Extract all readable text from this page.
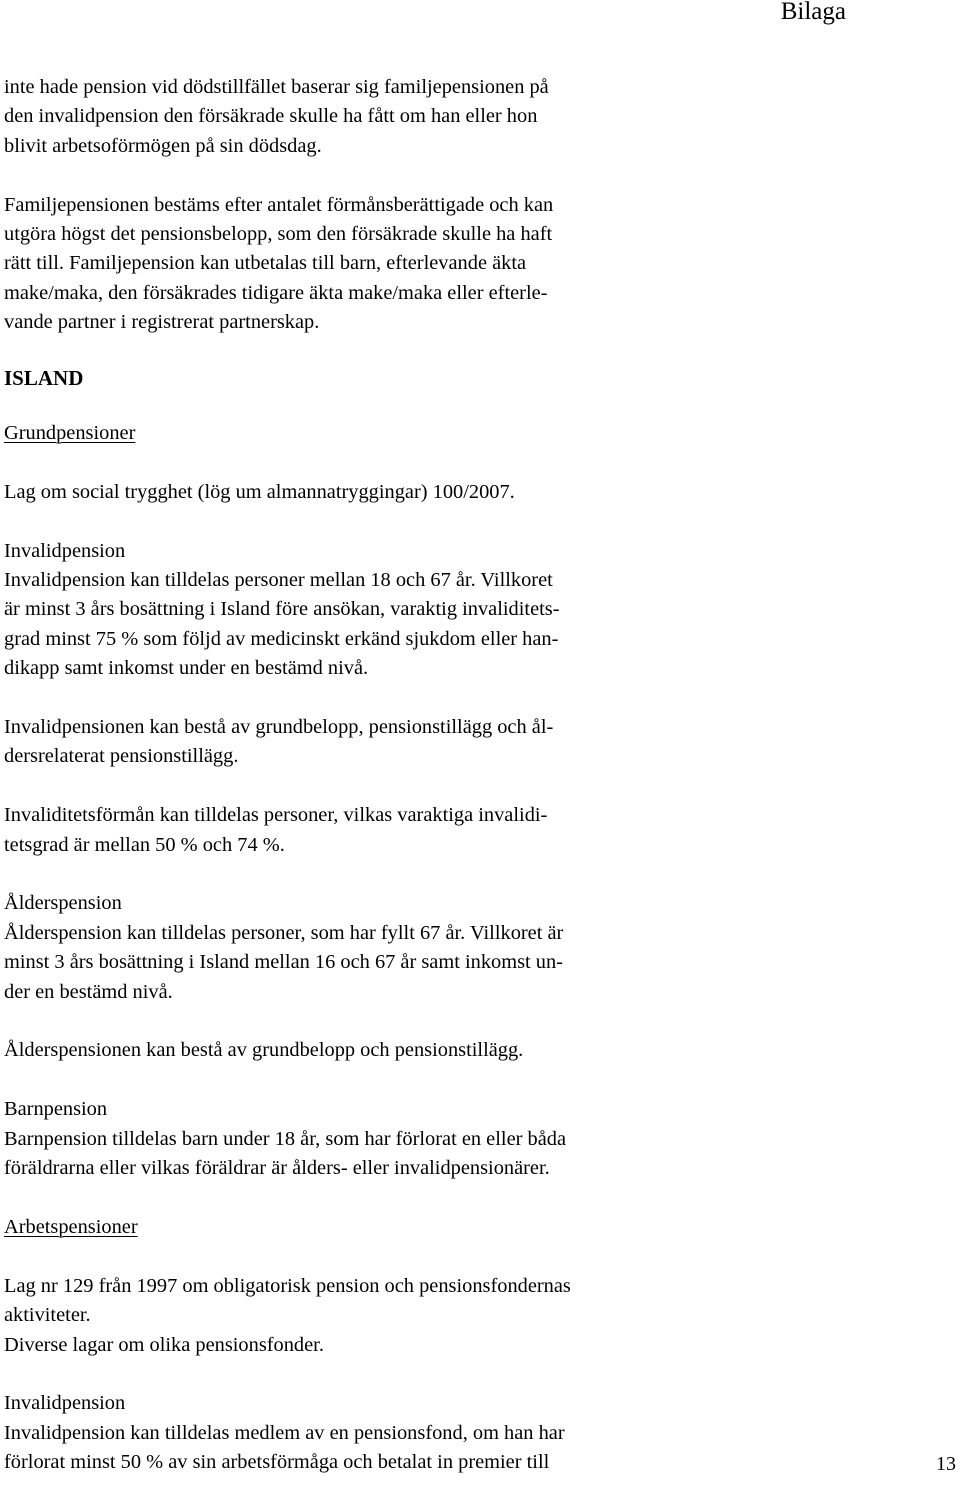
Bilaga

inte hade pension vid dödstillfället baserar sig familjepensionen på
den invalidpension den försäkrade skulle ha fått om han eller hon
blivit arbetsoförmögen på sin dödsdag.

Familjepensionen bestäms efter antalet förmånsberättigade och kan
utgöra högst det pensionsbelopp, som den försäkrade skulle ha haft
rätt till. Familjepension kan utbetalas till barn, efterlevande äkta
make/maka, den försäkrades tidigare äkta make/maka eller efterle-
vande partner i registrerat partnerskap.

ISLAND

Grundpensioner

Lag om social trygghet (lög um almannatryggingar) 100/2007.

Invalidpension
Invalidpension kan tilldelas personer mellan 18 och 67 år. Villkoret
är minst 3 års bosättning i Island före ansökan, varaktig invaliditets-
grad minst 75 % som följd av medicinskt erkänd sjukdom eller han-
dikapp samt inkomst under en bestämd nivå.

Invalidpensionen kan bestå av grundbelopp, pensionstillägg och ål-
dersrelaterat pensionstillägg.

Invaliditetsförmån kan tilldelas personer, vilkas varaktiga invalidi-
tetsgrad är mellan 50 % och 74 %.

Ålderspension
Ålderspension kan tilldelas personer, som har fyllt 67 år. Villkoret är
minst 3 års bosättning i Island mellan 16 och 67 år samt inkomst un-
der en bestämd nivå.

Ålderspensionen kan bestå av grundbelopp och pensionstillägg.

Barnpension
Barnpension tilldelas barn under 18 år, som har förlorat en eller båda
föräldrarna eller vilkas föräldrar är ålders- eller invalidpensionärer.

Arbetspensioner

Lag nr 129 från 1997 om obligatorisk pension och pensionsfondernas
aktiviteter.
Diverse lagar om olika pensionsfonder.

Invalidpension
Invalidpension kan tilldelas medlem av en pensionsfond, om han har
förlorat minst 50 % av sin arbetsförmåga och betalat in premier till	13
